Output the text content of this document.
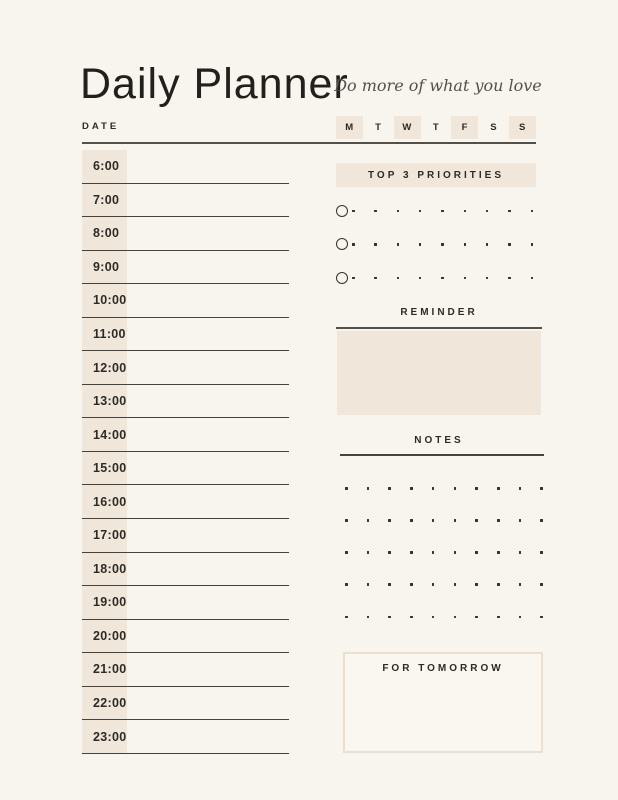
Daily Planner
Do more of what you love
DATE	M	T	W	T	F	S	S
6:00
7:00
8:00
9:00
10:00
11:00
12:00
13:00
14:00
15:00
16:00
17:00
18:00
19:00
20:00
21:00
22:00
23:00
TOP 3 PRIORITIES
REMINDER
NOTES
FOR TOMORROW
